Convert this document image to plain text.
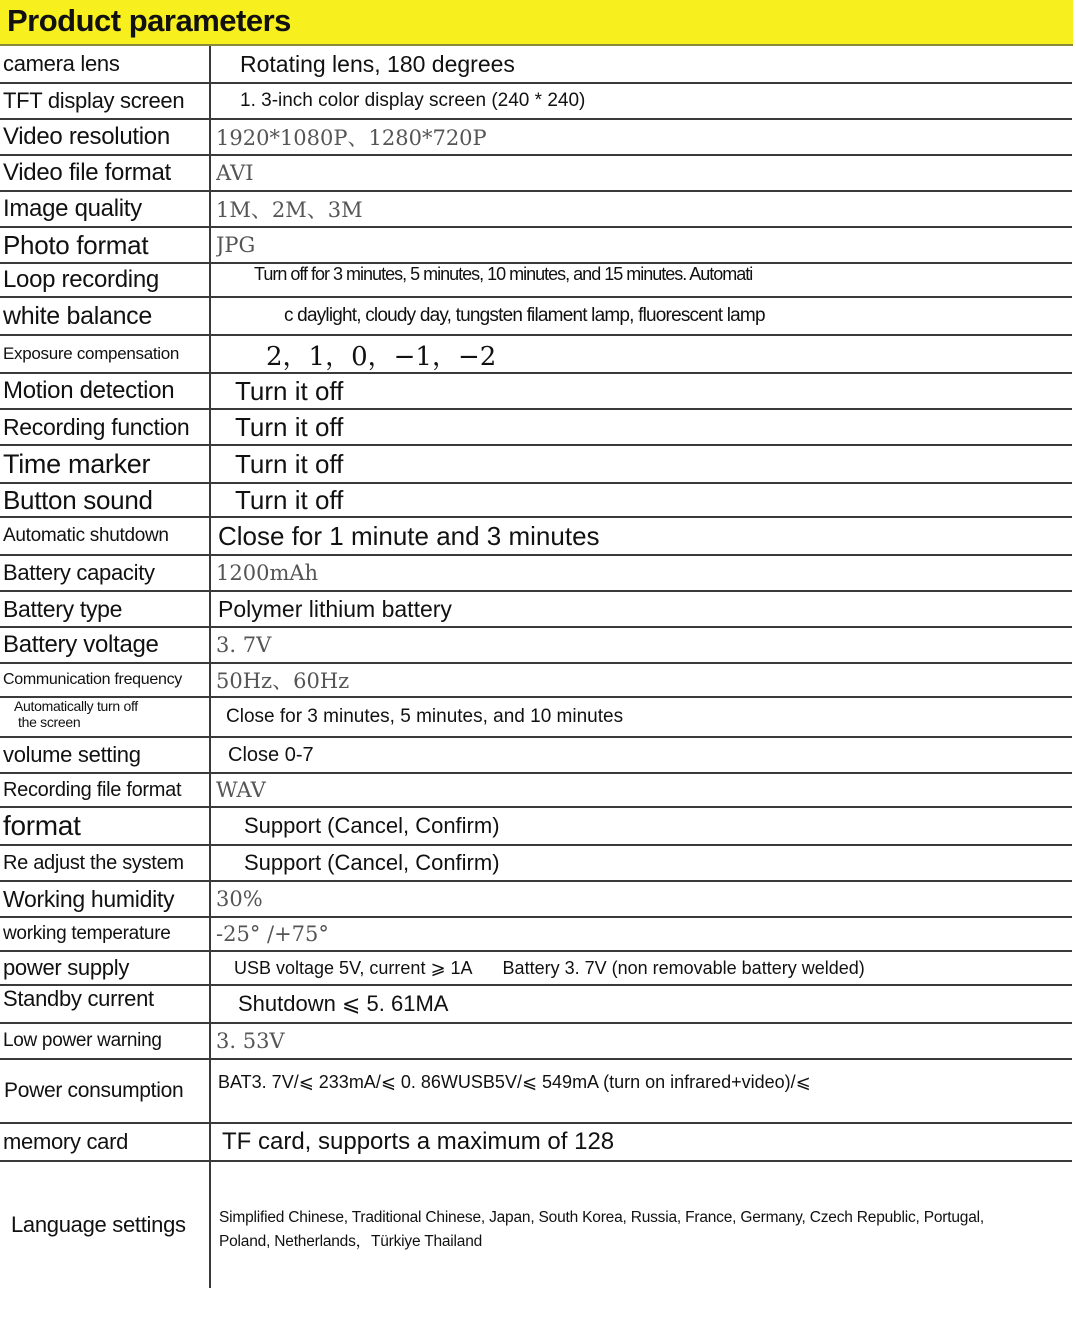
Product parameters
camera lens	Rotating lens, 180 degrees
TFT display screen	1. 3-inch color display screen (240 * 240)
Video resolution	1920*1080P、1280*720P
Video file format	AVI
Image quality	1M、2M、3M
Photo format	JPG
Loop recording	Turn off for 3 minutes, 5 minutes, 10 minutes, and 15 minutes. Automati
white balance	c daylight, cloudy day, tungsten filament lamp, fluorescent lamp
Exposure compensation	2，1，0，−1，−2
Motion detection	Turn it off
Recording function	Turn it off
Time marker	Turn it off
Button sound	Turn it off
Automatic shutdown	Close for 1 minute and 3 minutes
Battery capacity	1200mAh
Battery type	Polymer lithium battery
Battery voltage	3. 7V
Communication frequency	50Hz、60Hz
Automatically turn off
the screen	Close for 3 minutes, 5 minutes, and 10 minutes
volume setting	Close 0-7
Recording file format	WAV
format	Support (Cancel, Confirm)
Re adjust the system	Support (Cancel, Confirm)
Working humidity	30%
working temperature	-25° /+75°
power supply	USB voltage 5V, current ⩾ 1A Battery 3. 7V (non removable battery welded)
Standby current	Shutdown ⩽ 5. 61MA
Low power warning	3. 53V
Power consumption	BAT3. 7V/⩽ 233mA/⩽ 0. 86WUSB5V/⩽ 549mA (turn on infrared+video)/⩽
memory card	TF card, supports a maximum of 128
Language settings	Simplified Chinese, Traditional Chinese, Japan, South Korea, Russia, France, Germany, Czech Republic, Portugal,
Poland, Netherlands，Türkiye Thailand
